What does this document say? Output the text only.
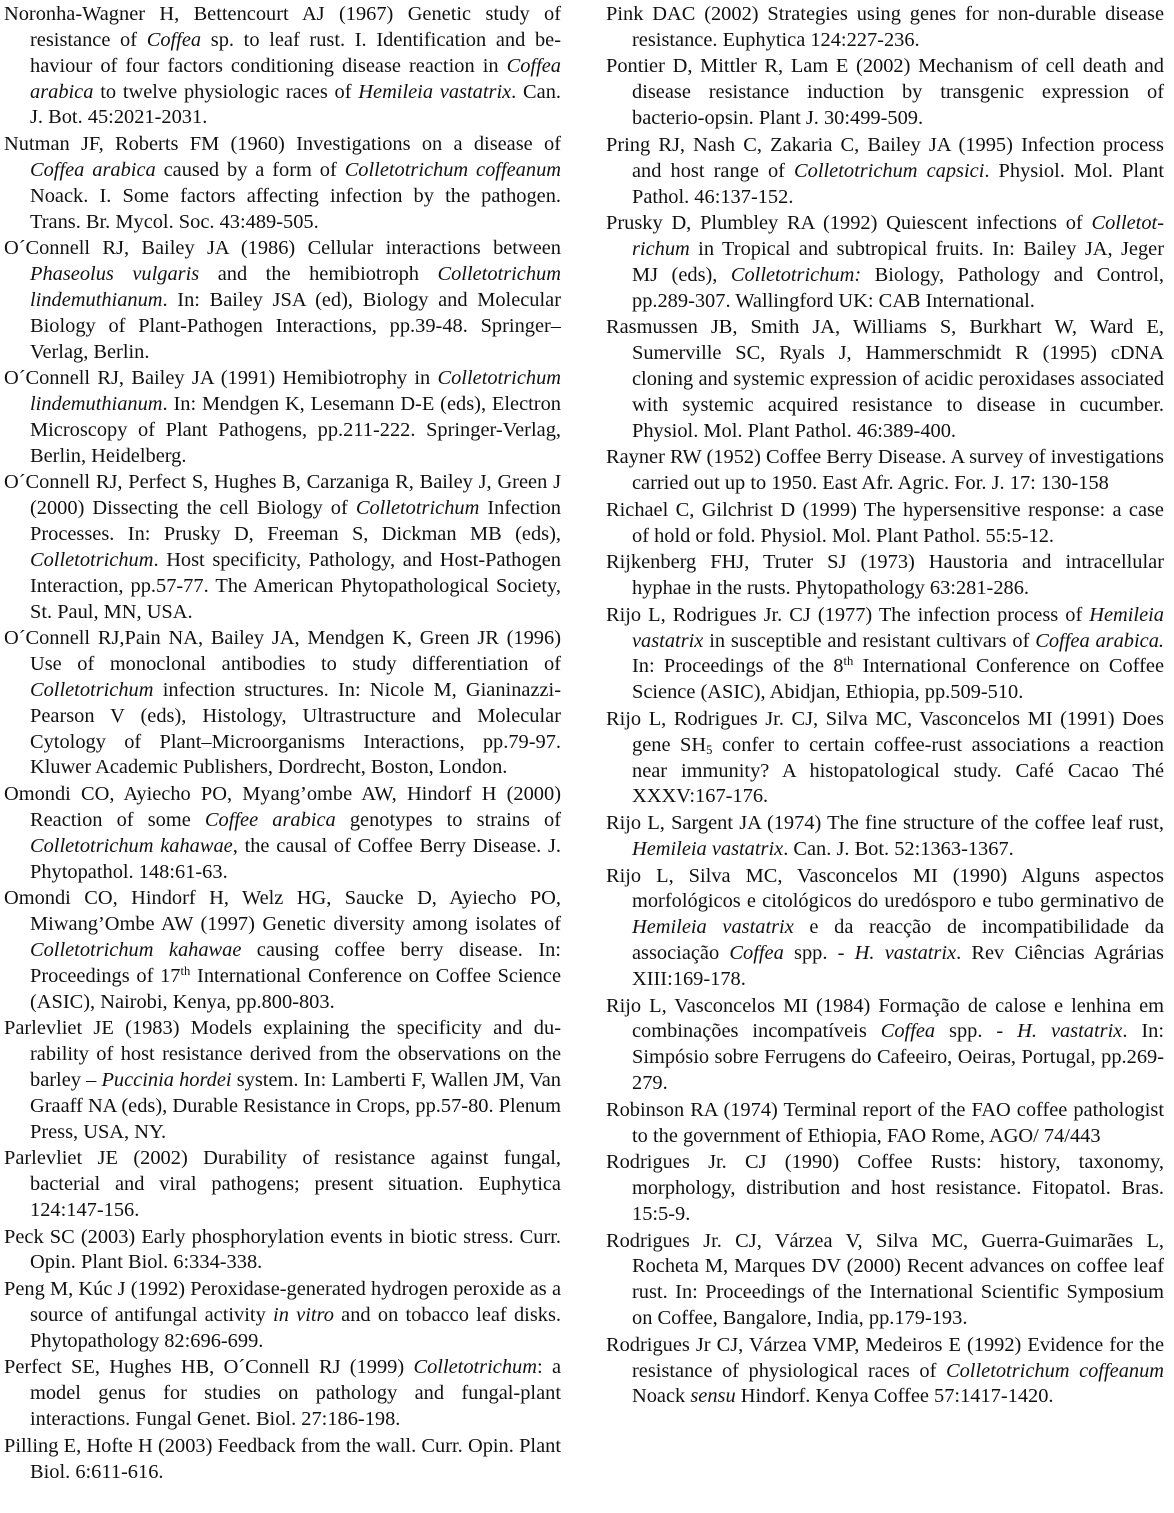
Noronha-Wagner H, Bettencourt AJ (1967) Genetic study of resistance of Coffea sp. to leaf rust. I. Identification and behaviour of four factors conditioning disease reaction in Coffea arabica to twelve physiologic races of Hemileia vastatrix. Can. J. Bot. 45:2021-2031.

Nutman JF, Roberts FM (1960) Investigations on a disease of Coffea arabica caused by a form of Colletotrichum coffeanum Noack. I. Some factors affecting infection by the pathogen. Trans. Br. Mycol. Soc. 43:489-505.

O´Connell RJ, Bailey JA (1986) Cellular interactions between Phaseolus vulgaris and the hemibiotroph Colletotrichum lindemuthianum. In: Bailey JSA (ed), Biology and Molecular Biology of Plant-Pathogen Interactions, pp.39-48. Springer–Verlag, Berlin.

O´Connell RJ, Bailey JA (1991) Hemibiotrophy in Colletotrichum lindemuthianum. In: Mendgen K, Lesemann D-E (eds), Electron Microscopy of Plant Pathogens, pp.211-222. Springer-Verlag, Berlin, Heidelberg.

O´Connell RJ, Perfect S, Hughes B, Carzaniga R, Bailey J, Green J (2000) Dissecting the cell Biology of Colletotrichum Infection Processes. In: Prusky D, Freeman S, Dickman MB (eds), Colletotrichum. Host specificity, Pathology, and Host-Pathogen Interaction, pp.57-77. The American Phytopathological Society, St. Paul, MN, USA.

O´Connell RJ,Pain NA, Bailey JA, Mendgen K, Green JR (1996) Use of monoclonal antibodies to study differentiation of Colletotrichum infection structures. In: Nicole M, Gianinazzi-Pearson V (eds), Histology, Ultrastructure and Molecular Cytology of Plant–Microorganisms Interactions, pp.79-97. Kluwer Academic Publishers, Dordrecht, Boston, London.

Omondi CO, Ayiecho PO, Myang’ombe AW, Hindorf H (2000) Reaction of some Coffee arabica genotypes to strains of Colletotrichum kahawae, the causal of Coffee Berry Disease. J. Phytopathol. 148:61-63.

Omondi CO, Hindorf H, Welz HG, Saucke D, Ayiecho PO, Miwang’Ombe AW (1997) Genetic diversity among isolates of Colletotrichum kahawae causing coffee berry disease. In: Proceedings of 17th International Conference on Coffee Science (ASIC), Nairobi, Kenya, pp.800-803.

Parlevliet JE (1983) Models explaining the specificity and durability of host resistance derived from the observations on the barley – Puccinia hordei system. In: Lamberti F, Wallen JM, Van Graaff NA (eds), Durable Resistance in Crops, pp.57-80. Plenum Press, USA, NY.

Parlevliet JE (2002) Durability of resistance against fungal, bacterial and viral pathogens; present situation. Euphytica 124:147-156.

Peck SC (2003) Early phosphorylation events in biotic stress. Curr. Opin. Plant Biol. 6:334-338.

Peng M, Kúc J (1992) Peroxidase-generated hydrogen peroxide as a source of antifungal activity in vitro and on tobacco leaf disks. Phytopathology 82:696-699.

Perfect SE, Hughes HB, O´Connell RJ (1999) Colletotrichum: a model genus for studies on pathology and fungal-plant interactions. Fungal Genet. Biol. 27:186-198.

Pilling E, Hofte H (2003) Feedback from the wall. Curr. Opin. Plant Biol. 6:611-616.

Pink DAC (2002) Strategies using genes for non-durable disease resistance. Euphytica 124:227-236.

Pontier D, Mittler R, Lam E (2002) Mechanism of cell death and disease resistance induction by transgenic expression of bacterio-opsin. Plant J. 30:499-509.

Pring RJ, Nash C, Zakaria C, Bailey JA (1995) Infection process and host range of Colletotrichum capsici. Physiol. Mol. Plant Pathol. 46:137-152.

Prusky D, Plumbley RA (1992) Quiescent infections of Colletotrichum in Tropical and subtropical fruits. In: Bailey JA, Jeger MJ (eds), Colletotrichum: Biology, Pathology and Control, pp.289-307. Wallingford UK: CAB International.

Rasmussen JB, Smith JA, Williams S, Burkhart W, Ward E, Sumerville SC, Ryals J, Hammerschmidt R (1995) cDNA cloning and systemic expression of acidic peroxidases associated with systemic acquired resistance to disease in cucumber. Physiol. Mol. Plant Pathol. 46:389-400.

Rayner RW (1952) Coffee Berry Disease. A survey of investigations carried out up to 1950. East Afr. Agric. For. J. 17: 130-158

Richael C, Gilchrist D (1999) The hypersensitive response: a case of hold or fold. Physiol. Mol. Plant Pathol. 55:5-12.

Rijkenberg FHJ, Truter SJ (1973) Haustoria and intracellular hyphae in the rusts. Phytopathology 63:281-286.

Rijo L, Rodrigues Jr. CJ (1977) The infection process of Hemileia vastatrix in susceptible and resistant cultivars of Coffea arabica. In: Proceedings of the 8th International Conference on Coffee Science (ASIC), Abidjan, Ethiopia, pp.509-510.

Rijo L, Rodrigues Jr. CJ, Silva MC, Vasconcelos MI (1991) Does gene $SH_5$ confer to certain coffee-rust associations a reaction near immunity? A histopatological study. Café Cacao Thé XXXV:167-176.

Rijo L, Sargent JA (1974) The fine structure of the coffee leaf rust, Hemileia vastatrix. Can. J. Bot. 52:1363-1367.

Rijo L, Silva MC, Vasconcelos MI (1990) Alguns aspectos morfológicos e citológicos do uredósporo e tubo germinativo de Hemileia vastatrix e da reacção de incompatibilidade da associação Coffea spp. - H. vastatrix. Rev Ciências Agrárias XIII:169-178.

Rijo L, Vasconcelos MI (1984) Formação de calose e lenhina em combinações incompatíveis Coffea spp. - H. vastatrix. In: Simpósio sobre Ferrugens do Cafeeiro, Oeiras, Portugal, pp.269-279.

Robinson RA (1974) Terminal report of the FAO coffee pathologist to the government of Ethiopia, FAO Rome, AGO/ 74/443

Rodrigues Jr. CJ (1990) Coffee Rusts: history, taxonomy, morphology, distribution and host resistance. Fitopatol. Bras. 15:5-9.

Rodrigues Jr. CJ, Várzea V, Silva MC, Guerra-Guimarães L, Rocheta M, Marques DV (2000) Recent advances on coffee leaf rust. In: Proceedings of the International Scientific Symposium on Coffee, Bangalore, India, pp.179-193.

Rodrigues Jr CJ, Várzea VMP, Medeiros E (1992) Evidence for the resistance of physiological races of Colletotrichum coffeanum Noack sensu Hindorf. Kenya Coffee 57:1417-1420.
